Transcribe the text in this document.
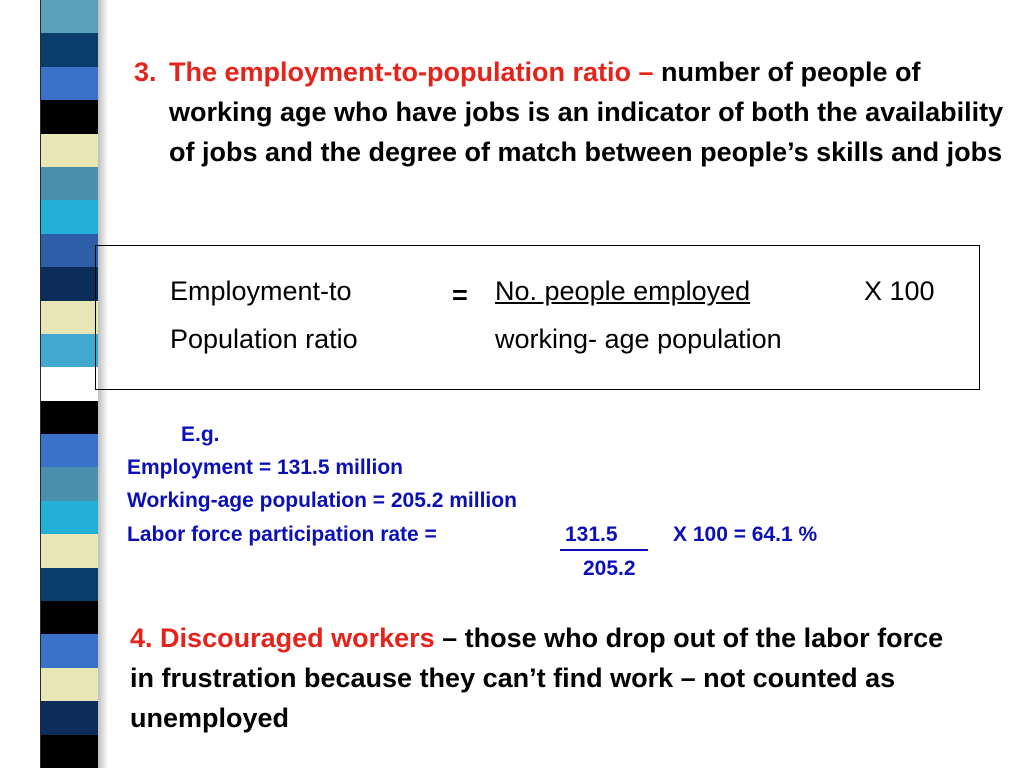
3. The employment-to-population ratio – number of people of working age who have jobs is an indicator of both the availability of jobs and the degree of match between people’s skills and jobs
Employment-to
Population ratio
= No. people employed	X 100
working- age population
E.g.
Employment = 131.5 million
Working-age population = 205.2 million
Labor force participation rate =	131.5	X 100 = 64.1 %
205.2
4. Discouraged workers – those who drop out of the labor force in frustration because they can’t find work – not counted as unemployed
